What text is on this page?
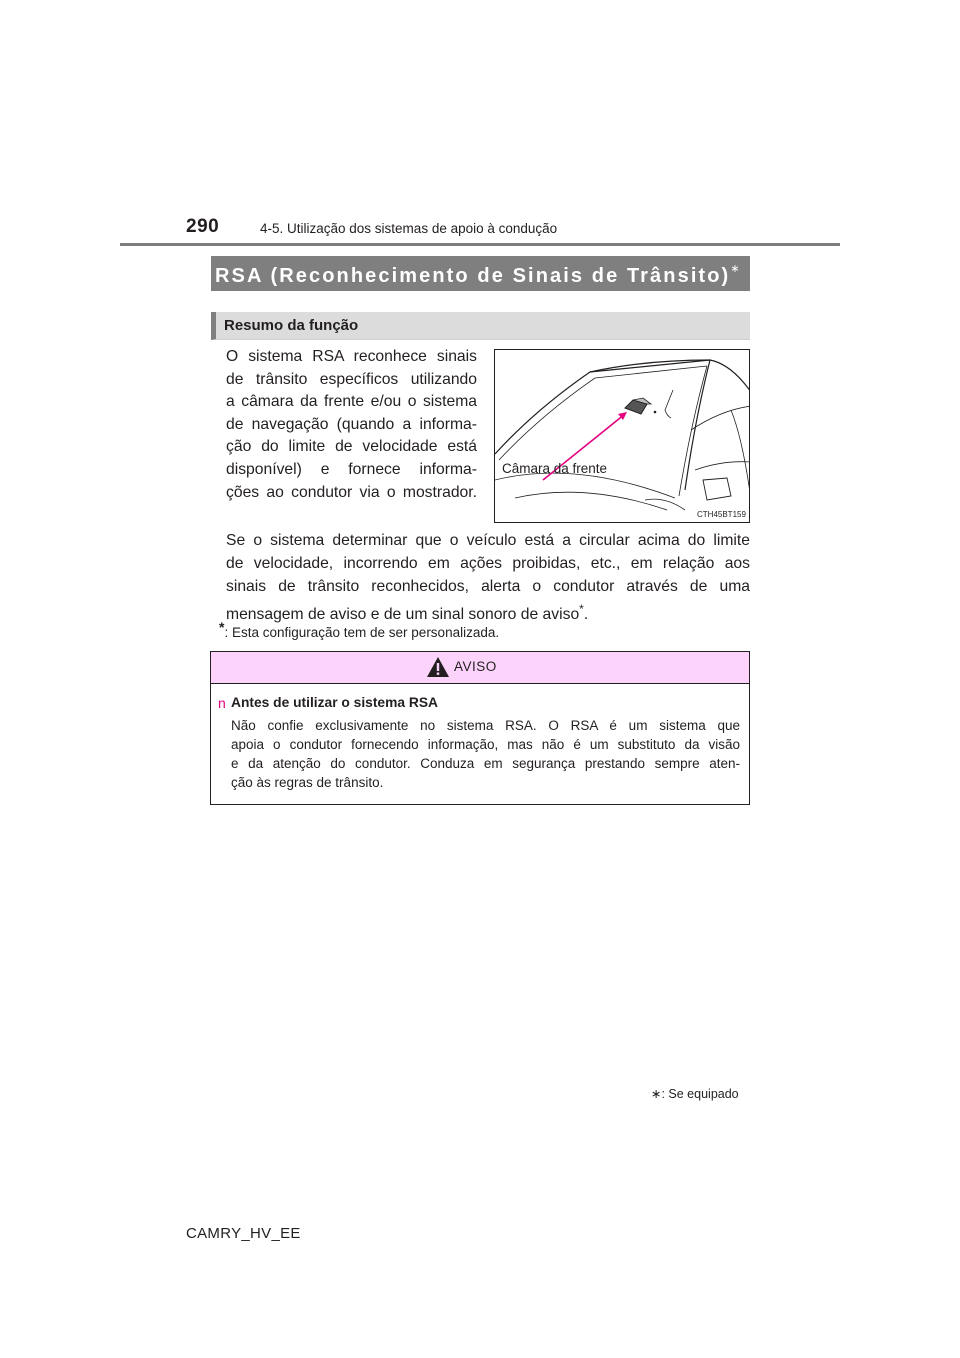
290	4-5. Utilização dos sistemas de apoio à condução
RSA (Reconhecimento de Sinais de Trânsito)∗
Resumo da função
O sistema RSA reconhece sinais
de trânsito específicos utilizando
a câmara da frente e/ou o sistema
de navegação (quando a informa-
ção do limite de velocidade está
disponível) e fornece informa-
ções ao condutor via o mostrador.
Câmara da frente
CTH45BT159
Se o sistema determinar que o veículo está a circular acima do limite
de velocidade, incorrendo em ações proibidas, etc., em relação aos
sinais de trânsito reconhecidos, alerta o condutor através de uma
mensagem de aviso e de um sinal sonoro de aviso*.
*: Esta configuração tem de ser personalizada.
AVISO
n Antes de utilizar o sistema RSA
Não confie exclusivamente no sistema RSA. O RSA é um sistema que
apoia o condutor fornecendo informação, mas não é um substituto da visão
e da atenção do condutor. Conduza em segurança prestando sempre aten-
ção às regras de trânsito.
∗: Se equipado
CAMRY_HV_EE
